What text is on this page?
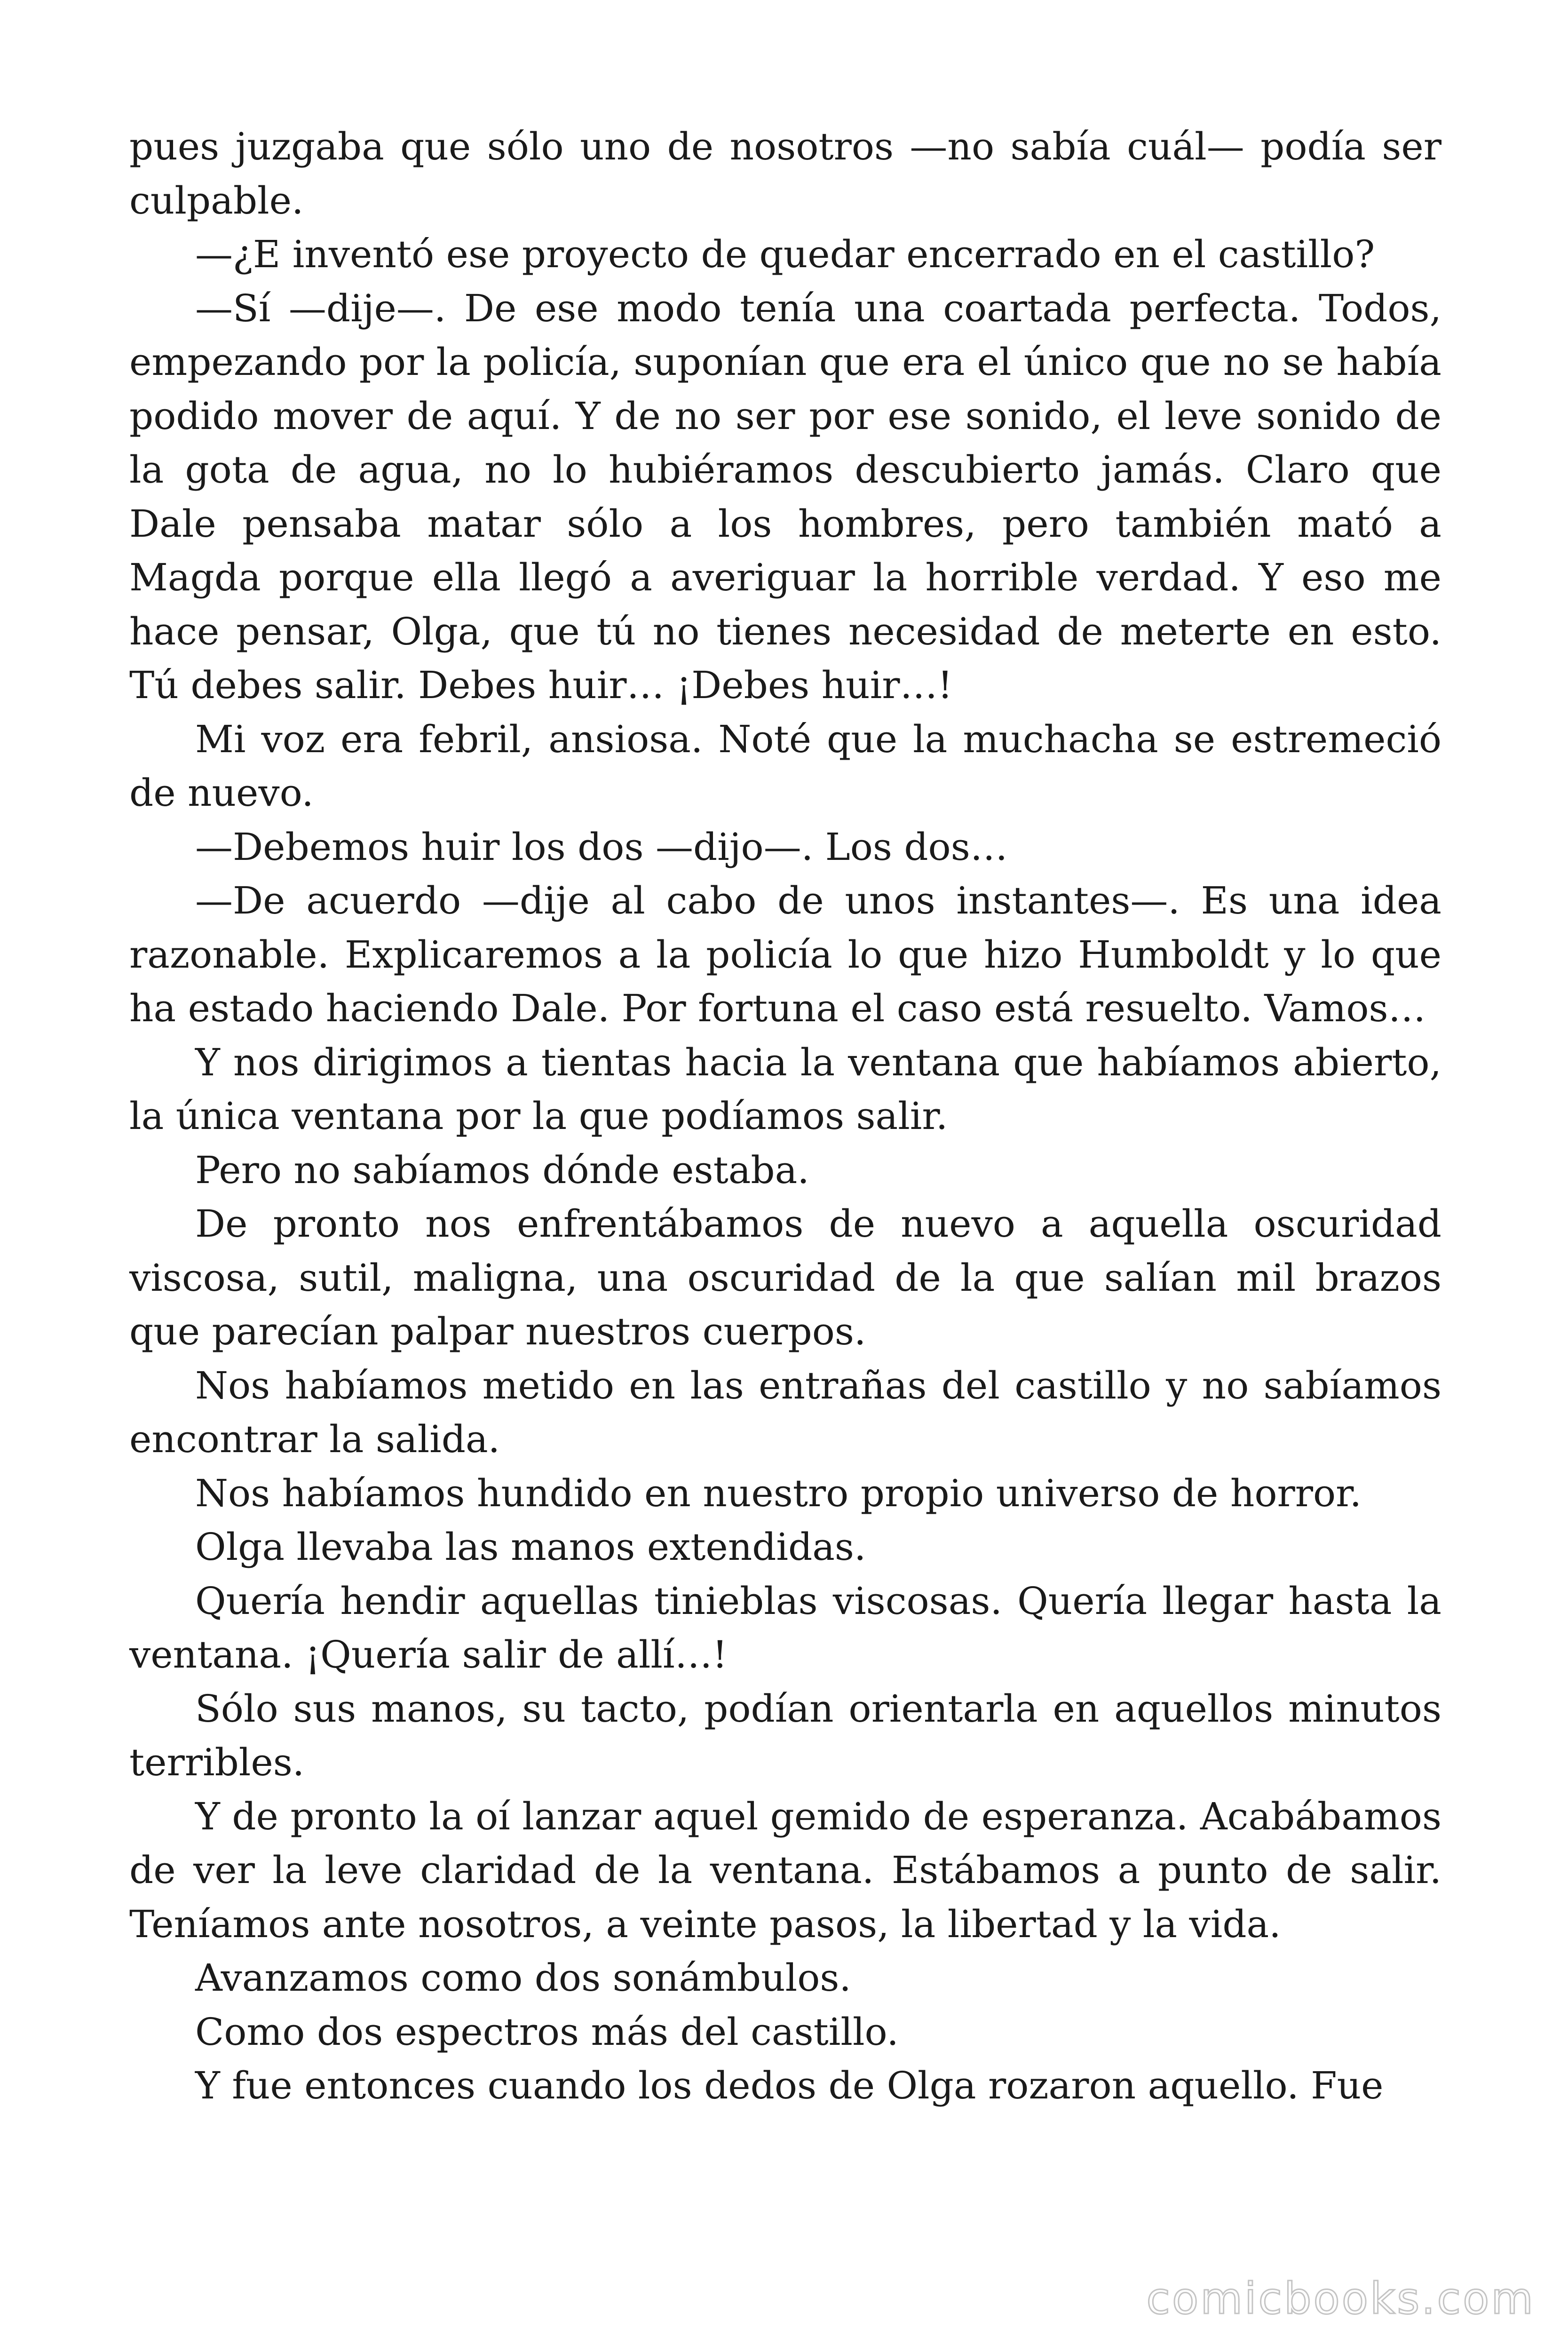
pues juzgaba que sólo uno de nosotros —no sabía cuál— podía ser culpable.

—¿E inventó ese proyecto de quedar encerrado en el castillo?

—Sí —dije—. De ese modo tenía una coartada perfecta. Todos, empezando por la policía, suponían que era el único que no se había podido mover de aquí. Y de no ser por ese sonido, el leve sonido de la gota de agua, no lo hubiéramos descubierto jamás. Claro que Dale pensaba matar sólo a los hombres, pero también mató a Magda porque ella llegó a averiguar la horrible verdad. Y eso me hace pensar, Olga, que tú no tienes necesidad de meterte en esto. Tú debes salir. Debes huir… ¡Debes huir…!

Mi voz era febril, ansiosa. Noté que la muchacha se estremeció de nuevo.

—Debemos huir los dos —dijo—. Los dos…

—De acuerdo —dije al cabo de unos instantes—. Es una idea razonable. Explicaremos a la policía lo que hizo Humboldt y lo que ha estado haciendo Dale. Por fortuna el caso está resuelto. Vamos…

Y nos dirigimos a tientas hacia la ventana que habíamos abierto, la única ventana por la que podíamos salir.

Pero no sabíamos dónde estaba.

De pronto nos enfrentábamos de nuevo a aquella oscuridad viscosa, sutil, maligna, una oscuridad de la que salían mil brazos que parecían palpar nuestros cuerpos.

Nos habíamos metido en las entrañas del castillo y no sabíamos encontrar la salida.

Nos habíamos hundido en nuestro propio universo de horror.

Olga llevaba las manos extendidas.

Quería hendir aquellas tinieblas viscosas. Quería llegar hasta la ventana. ¡Quería salir de allí…!

Sólo sus manos, su tacto, podían orientarla en aquellos minutos terribles.

Y de pronto la oí lanzar aquel gemido de esperanza. Acabábamos de ver la leve claridad de la ventana. Estábamos a punto de salir. Teníamos ante nosotros, a veinte pasos, la libertad y la vida.

Avanzamos como dos sonámbulos.

Como dos espectros más del castillo.

Y fue entonces cuando los dedos de Olga rozaron aquello. Fue

comicbooks.com
